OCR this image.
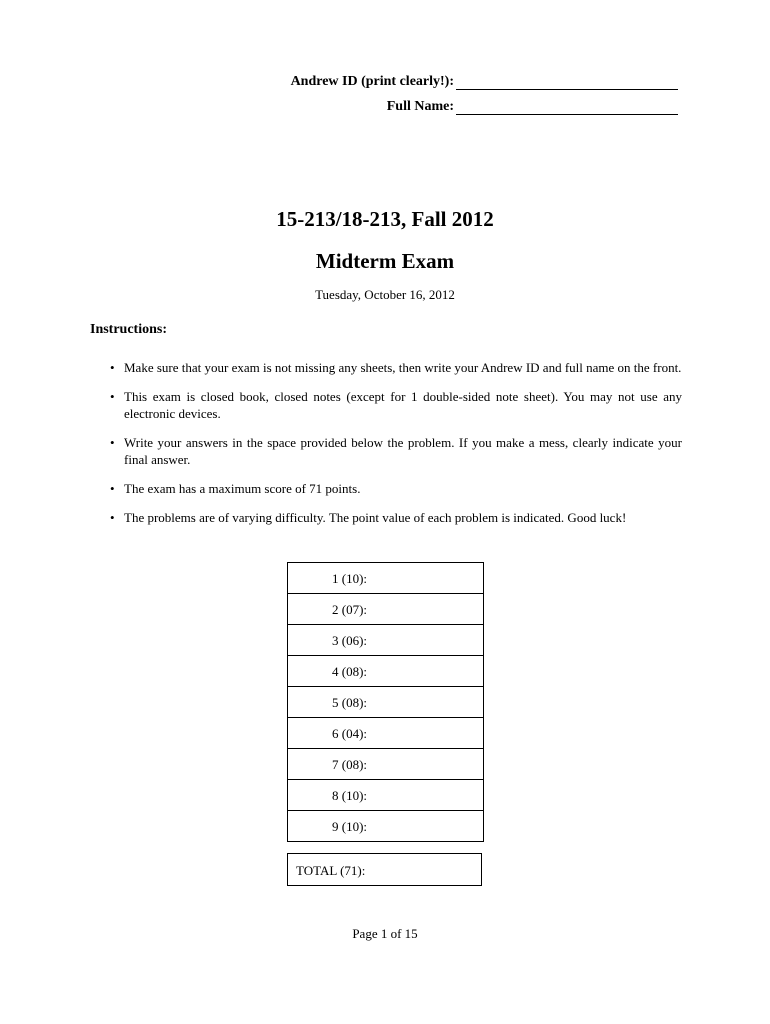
Andrew ID (print clearly!):
Full Name:
15-213/18-213, Fall 2012
Midterm Exam
Tuesday, October 16, 2012
Instructions:
• Make sure that your exam is not missing any sheets, then write your Andrew ID and full name on the front.
• This exam is closed book, closed notes (except for 1 double-sided note sheet). You may not use any electronic devices.
• Write your answers in the space provided below the problem. If you make a mess, clearly indicate your final answer.
• The exam has a maximum score of 71 points.
• The problems are of varying difficulty. The point value of each problem is indicated. Good luck!
1 (10):
2 (07):
3 (06):
4 (08):
5 (08):
6 (04):
7 (08):
8 (10):
9 (10):
TOTAL (71):
Page 1 of 15
